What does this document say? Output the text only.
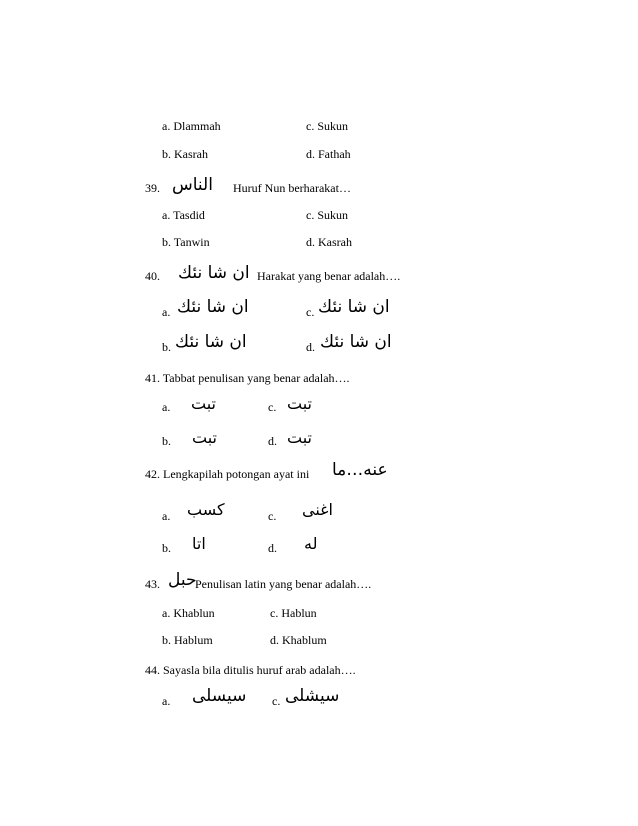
a. Dlammah	c. Sukun
b. Kasrah	d. Fathah
39. الناس Huruf Nun berharakat…
a. Tasdid	c. Sukun
b. Tanwin	d. Kasrah
40. ان شا نئك Harakat yang benar adalah….
a. ان شا نئك	c. ان شا نئك
b. ان شا نئك	d. ان شا نئك
41. Tabbat penulisan yang benar adalah….
a. تبت	c. تبت
b. تبت	d. تبت
42. Lengkapilah potongan ayat ini عنه…ما
a. كسب	c. اغنى
b. اتا	d. له
43. حبل
Penulisan latin yang benar adalah….
a. Khablun	c. Hablun
b. Hablum	d. Khablum
44. Sayasla bila ditulis huruf arab adalah….
a. سيسلى c. سيشلى
